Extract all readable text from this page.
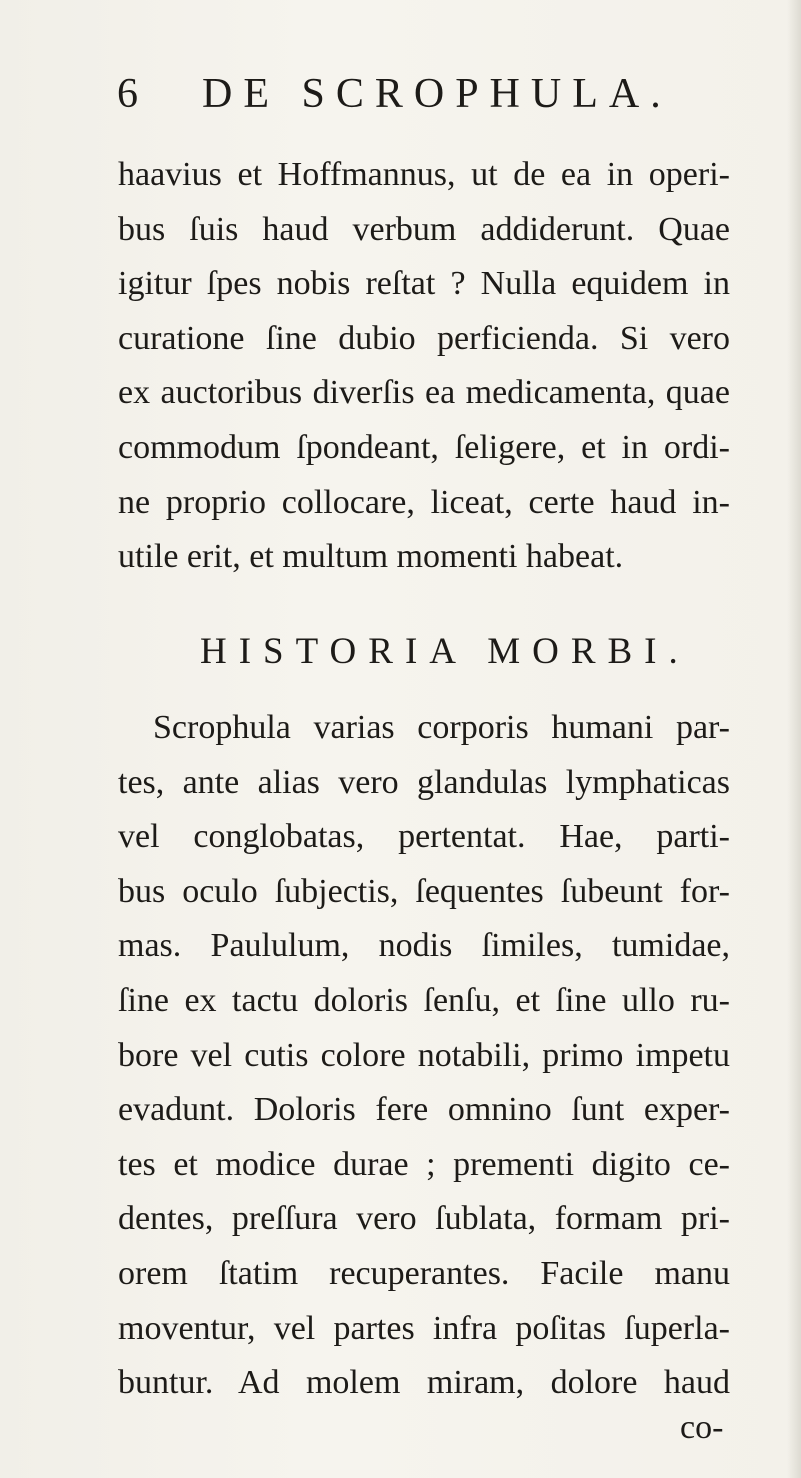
6 DE SCROPHULA.
haavius et Hoffmannus, ut de ea in operi-
bus ſuis haud verbum addiderunt. Quae
igitur ſpes nobis reſtat ? Nulla equidem in
curatione ſine dubio perficienda. Si vero
ex auctoribus diverſis ea medicamenta, quae
commodum ſpondeant, ſeligere, et in ordi-
ne proprio collocare, liceat, certe haud in-
utile erit, et multum momenti habeat.
HISTORIA MORBI.
Scrophula varias corporis humani par-
tes, ante alias vero glandulas lymphaticas
vel conglobatas, pertentat. Hae, parti-
bus oculo ſubjectis, ſequentes ſubeunt for-
mas. Paululum, nodis ſimiles, tumidae,
ſine ex tactu doloris ſenſu, et ſine ullo ru-
bore vel cutis colore notabili, primo impetu
evadunt. Doloris fere omnino ſunt exper-
tes et modice durae ; prementi digito ce-
dentes, preſſura vero ſublata, formam pri-
orem ſtatim recuperantes. Facile manu
moventur, vel partes infra poſitas ſuperla-
buntur. Ad molem miram, dolore haud
co-
